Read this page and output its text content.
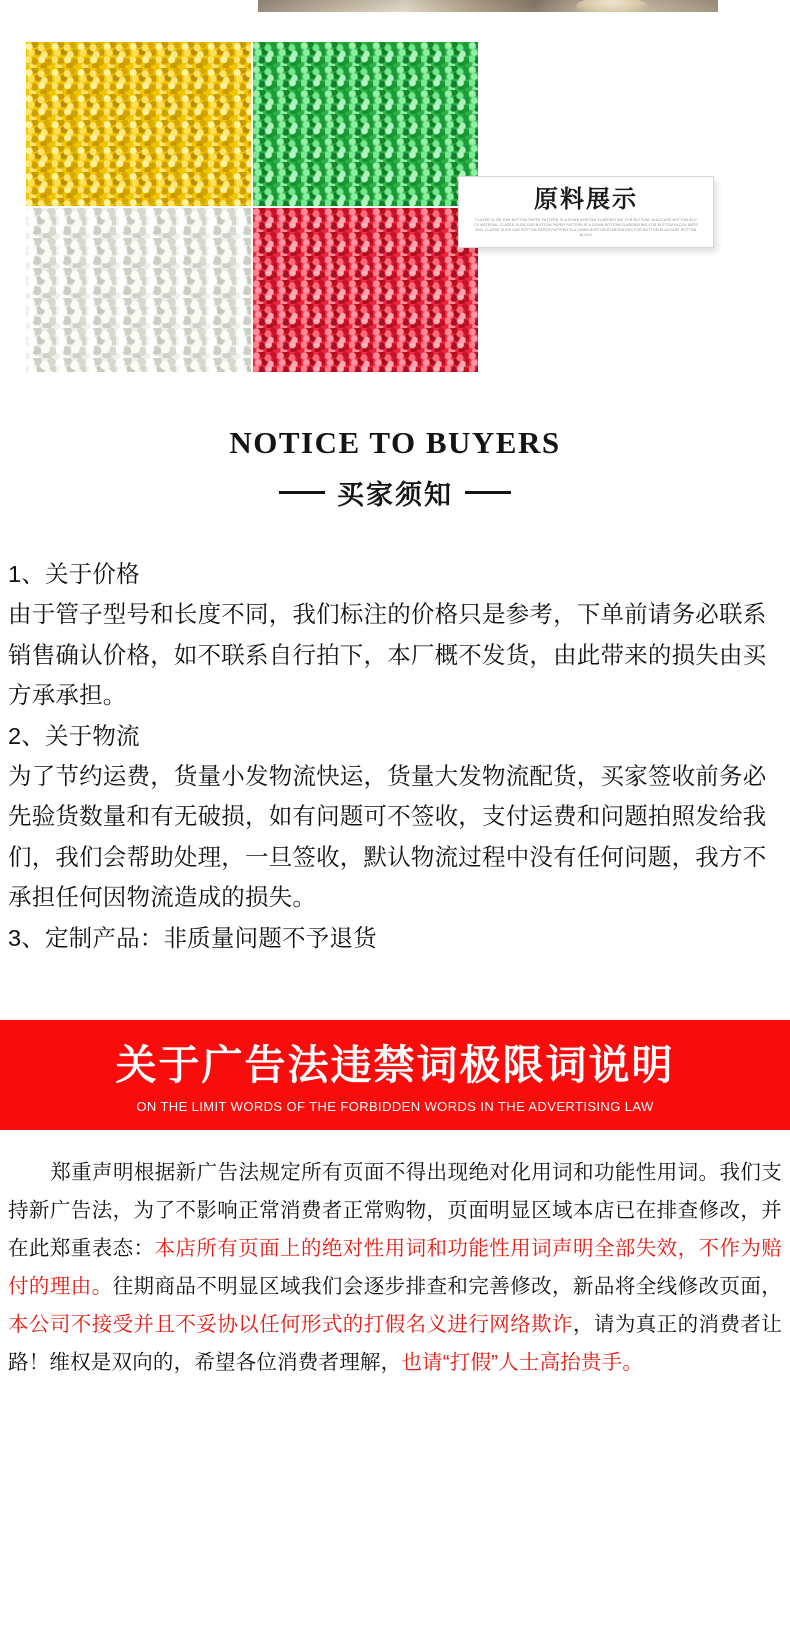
原料展示
CLASSE SLIDE EAR BOTTOM PAPER PATTERN IS A DOWN BORTOM ELABORATING FOR BOTTOM. BLACCARE BOTTOM BLOCK MATERIAL CLASSE SLIDE EAR BOTTOM PAPER PATTERN IS A DOWN BOTTOM ELABORATING FOR BOTTOM BLOCK MATERIAL CLASSE SLIDE EAR BOTTOM PAPER PATTERN IS A DOWN BORTOM ELABORATING FOR BOTTOM BLACCARE BOTTOM BLOCK
NOTICE TO BUYERS
买家须知

1、关于价格

由于管子型号和长度不同，我们标注的价格只是参考，下单前请务必联系销售确认价格，如不联系自行拍下，本厂概不发货，由此带来的损失由买方承承担。

2、关于物流

为了节约运费，货量小发物流快运，货量大发物流配货，买家签收前务必先验货数量和有无破损，如有问题可不签收，支付运费和问题拍照发给我们，我们会帮助处理，一旦签收，默认物流过程中没有任何问题，我方不承担任何因物流造成的损失。

3、定制产品：非质量问题不予退货

关于广告法违禁词极限词说明
ON THE LIMIT WORDS OF THE FORBIDDEN WORDS IN THE ADVERTISING LAW
郑重声明根据新广告法规定所有页面不得出现绝对化用词和功能性用词。我们支持新广告法，为了不影响正常消费者正常购物，页面明显区域本店已在排查修改，并在此郑重表态：本店所有页面上的绝对性用词和功能性用词声明全部失效，不作为赔付的理由。往期商品不明显区域我们会逐步排查和完善修改，新品将全线修改页面，本公司不接受并且不妥协以任何形式的打假名义进行网络欺诈，请为真正的消费者让路！维权是双向的，希望各位消费者理解，也请“打假”人士高抬贵手。
